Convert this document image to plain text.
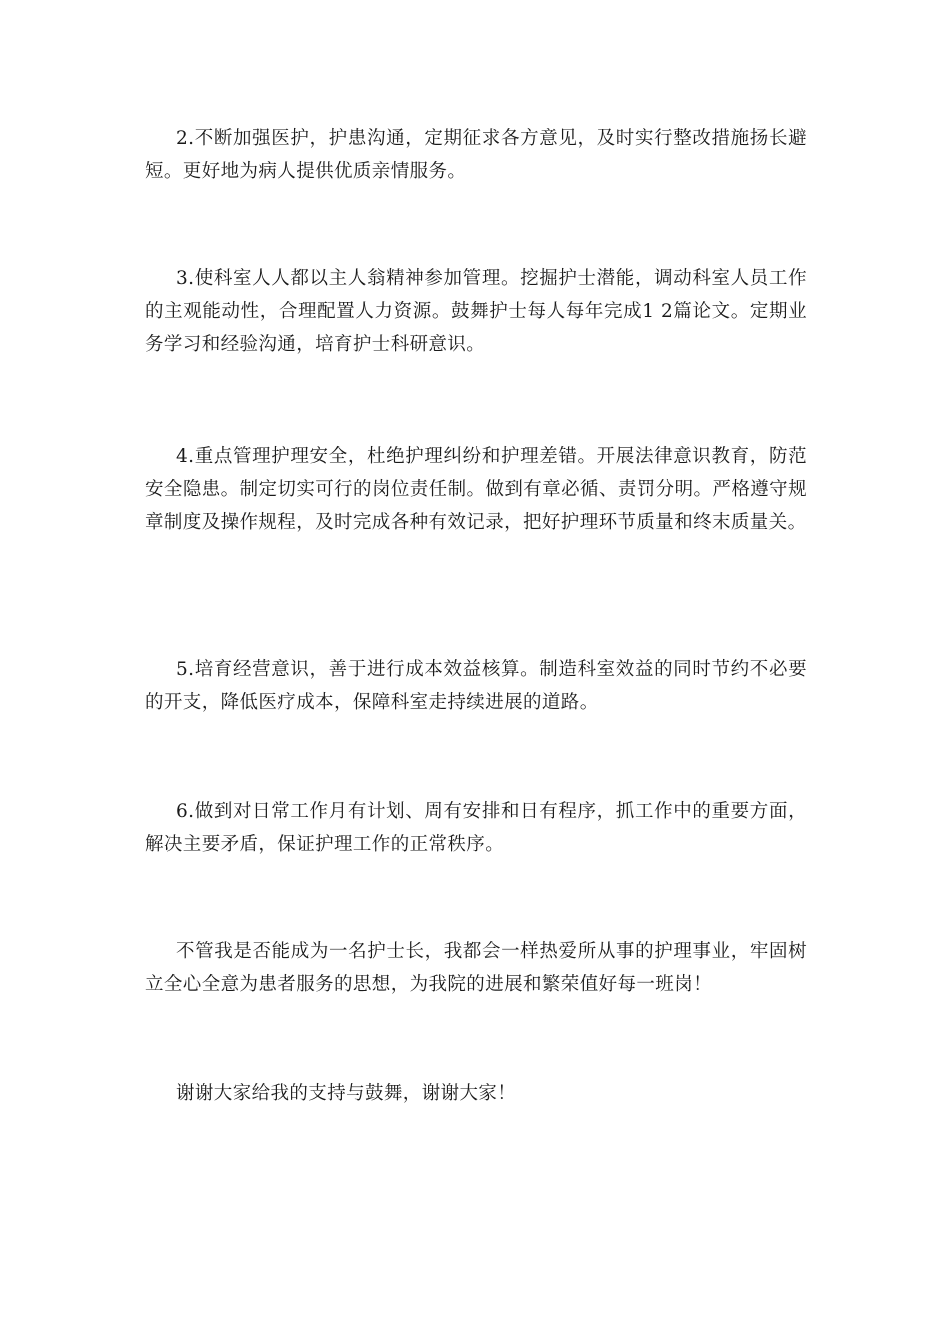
2.不断加强医护，护患沟通，定期征求各方意见，及时实行整改措施扬长避短。更好地为病人提供优质亲情服务。

3.使科室人人都以主人翁精神参加管理。挖掘护士潜能，调动科室人员工作的主观能动性，合理配置人力资源。鼓舞护士每人每年完成1 2篇论文。定期业务学习和经验沟通，培育护士科研意识。

4.重点管理护理安全，杜绝护理纠纷和护理差错。开展法律意识教育，防范安全隐患。制定切实可行的岗位责任制。做到有章必循、责罚分明。严格遵守规章制度及操作规程，及时完成各种有效记录，把好护理环节质量和终末质量关。

5.培育经营意识，善于进行成本效益核算。制造科室效益的同时节约不必要的开支，降低医疗成本，保障科室走持续进展的道路。

6.做到对日常工作月有计划、周有安排和日有程序，抓工作中的重要方面，解决主要矛盾，保证护理工作的正常秩序。

不管我是否能成为一名护士长，我都会一样热爱所从事的护理事业，牢固树立全心全意为患者服务的思想，为我院的进展和繁荣值好每一班岗！

谢谢大家给我的支持与鼓舞，谢谢大家！
